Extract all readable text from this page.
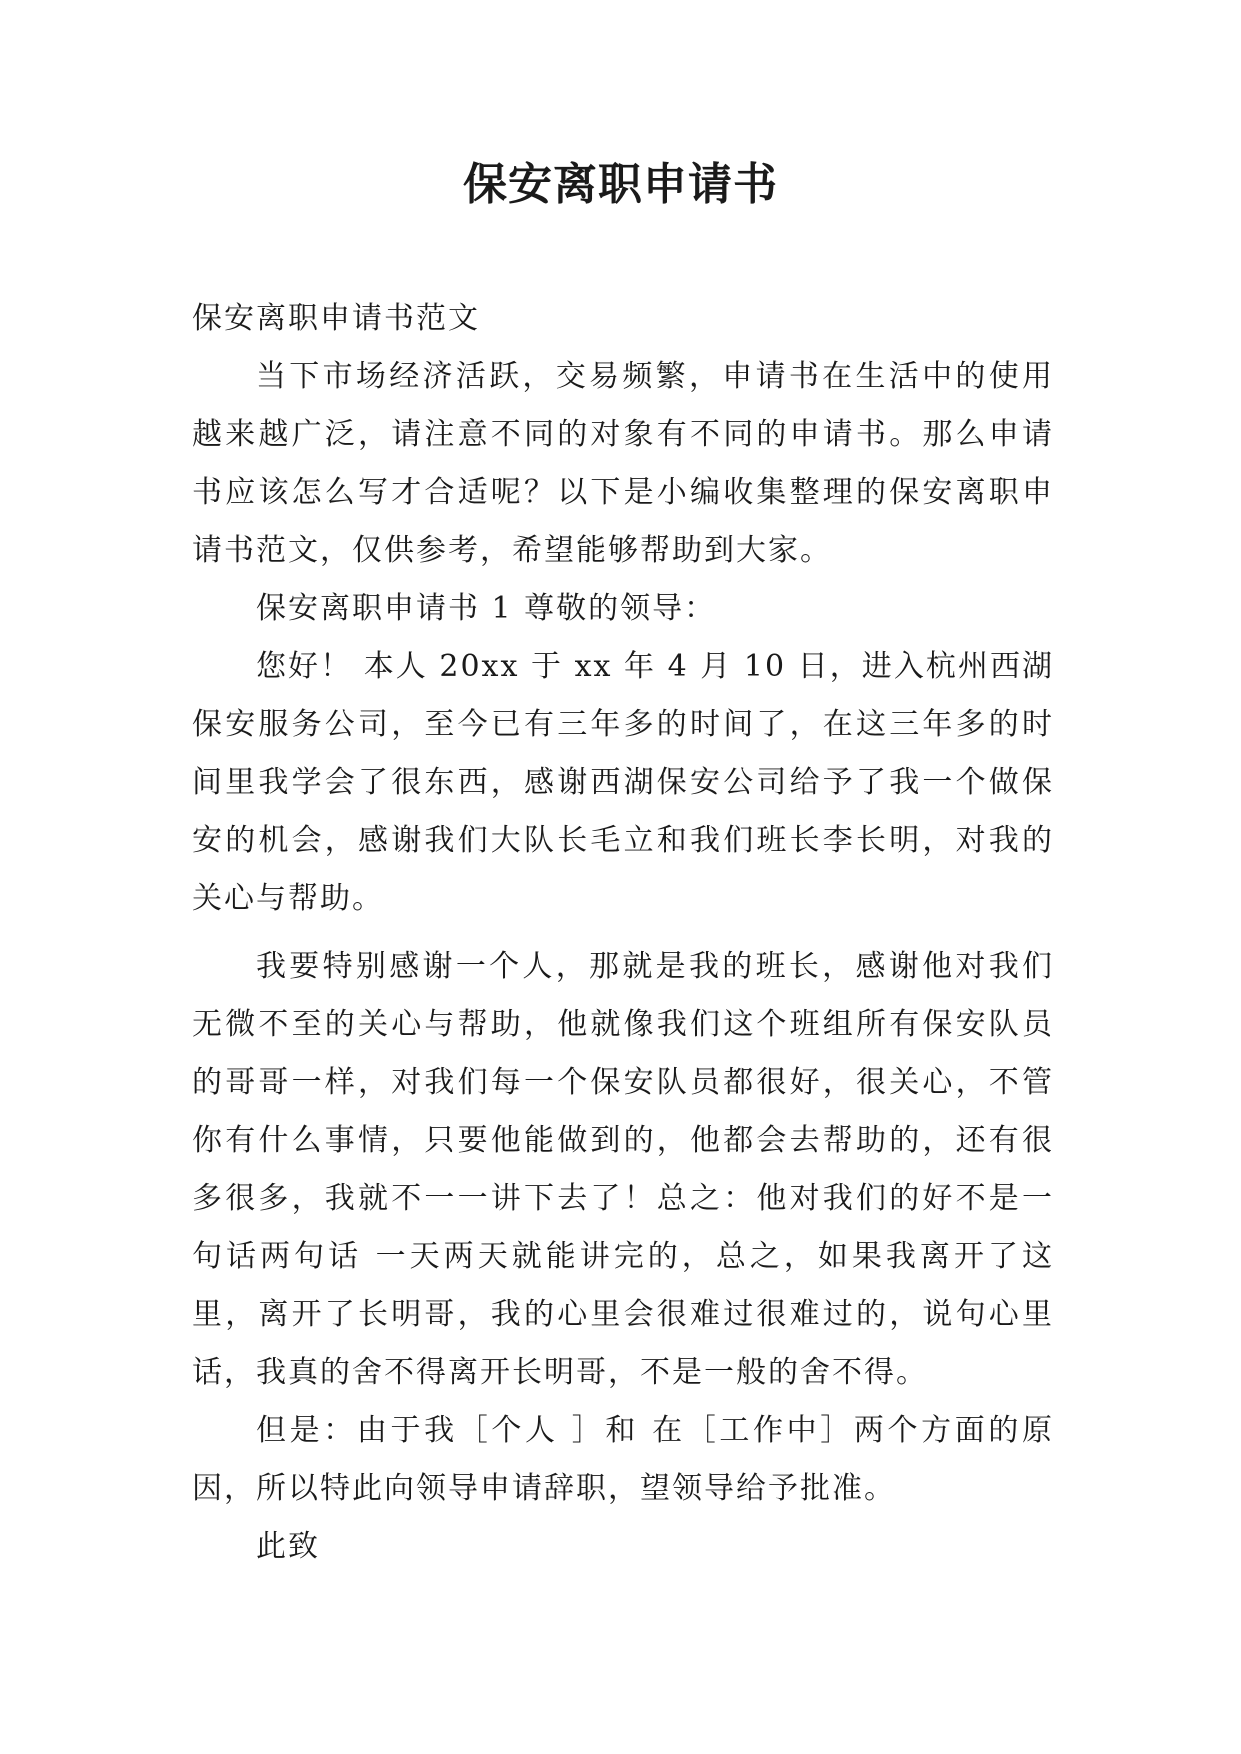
保安离职申请书

保安离职申请书范文

当下市场经济活跃，交易频繁，申请书在生活中的使用越来越广泛，请注意不同的对象有不同的申请书。那么申请书应该怎么写才合适呢？以下是小编收集整理的保安离职申请书范文，仅供参考，希望能够帮助到大家。

保安离职申请书 1 尊敬的领导：

您好！ 本人 20xx 于 xx 年 4 月 10 日，进入杭州西湖保安服务公司，至今已有三年多的时间了，在这三年多的时间里我学会了很东西，感谢西湖保安公司给予了我一个做保安的机会，感谢我们大队长毛立和我们班长李长明，对我的关心与帮助。

我要特别感谢一个人，那就是我的班长，感谢他对我们无微不至的关心与帮助，他就像我们这个班组所有保安队员的哥哥一样，对我们每一个保安队员都很好，很关心，不管你有什么事情，只要他能做到的，他都会去帮助的，还有很多很多，我就不一一讲下去了！总之：他对我们的好不是一句话两句话 一天两天就能讲完的，总之，如果我离开了这里，离开了长明哥，我的心里会很难过很难过的，说句心里话，我真的舍不得离开长明哥，不是一般的舍不得。

但是：由于我［个人 ］和 在［工作中］两个方面的原因，所以特此向领导申请辞职，望领导给予批准。

此致
